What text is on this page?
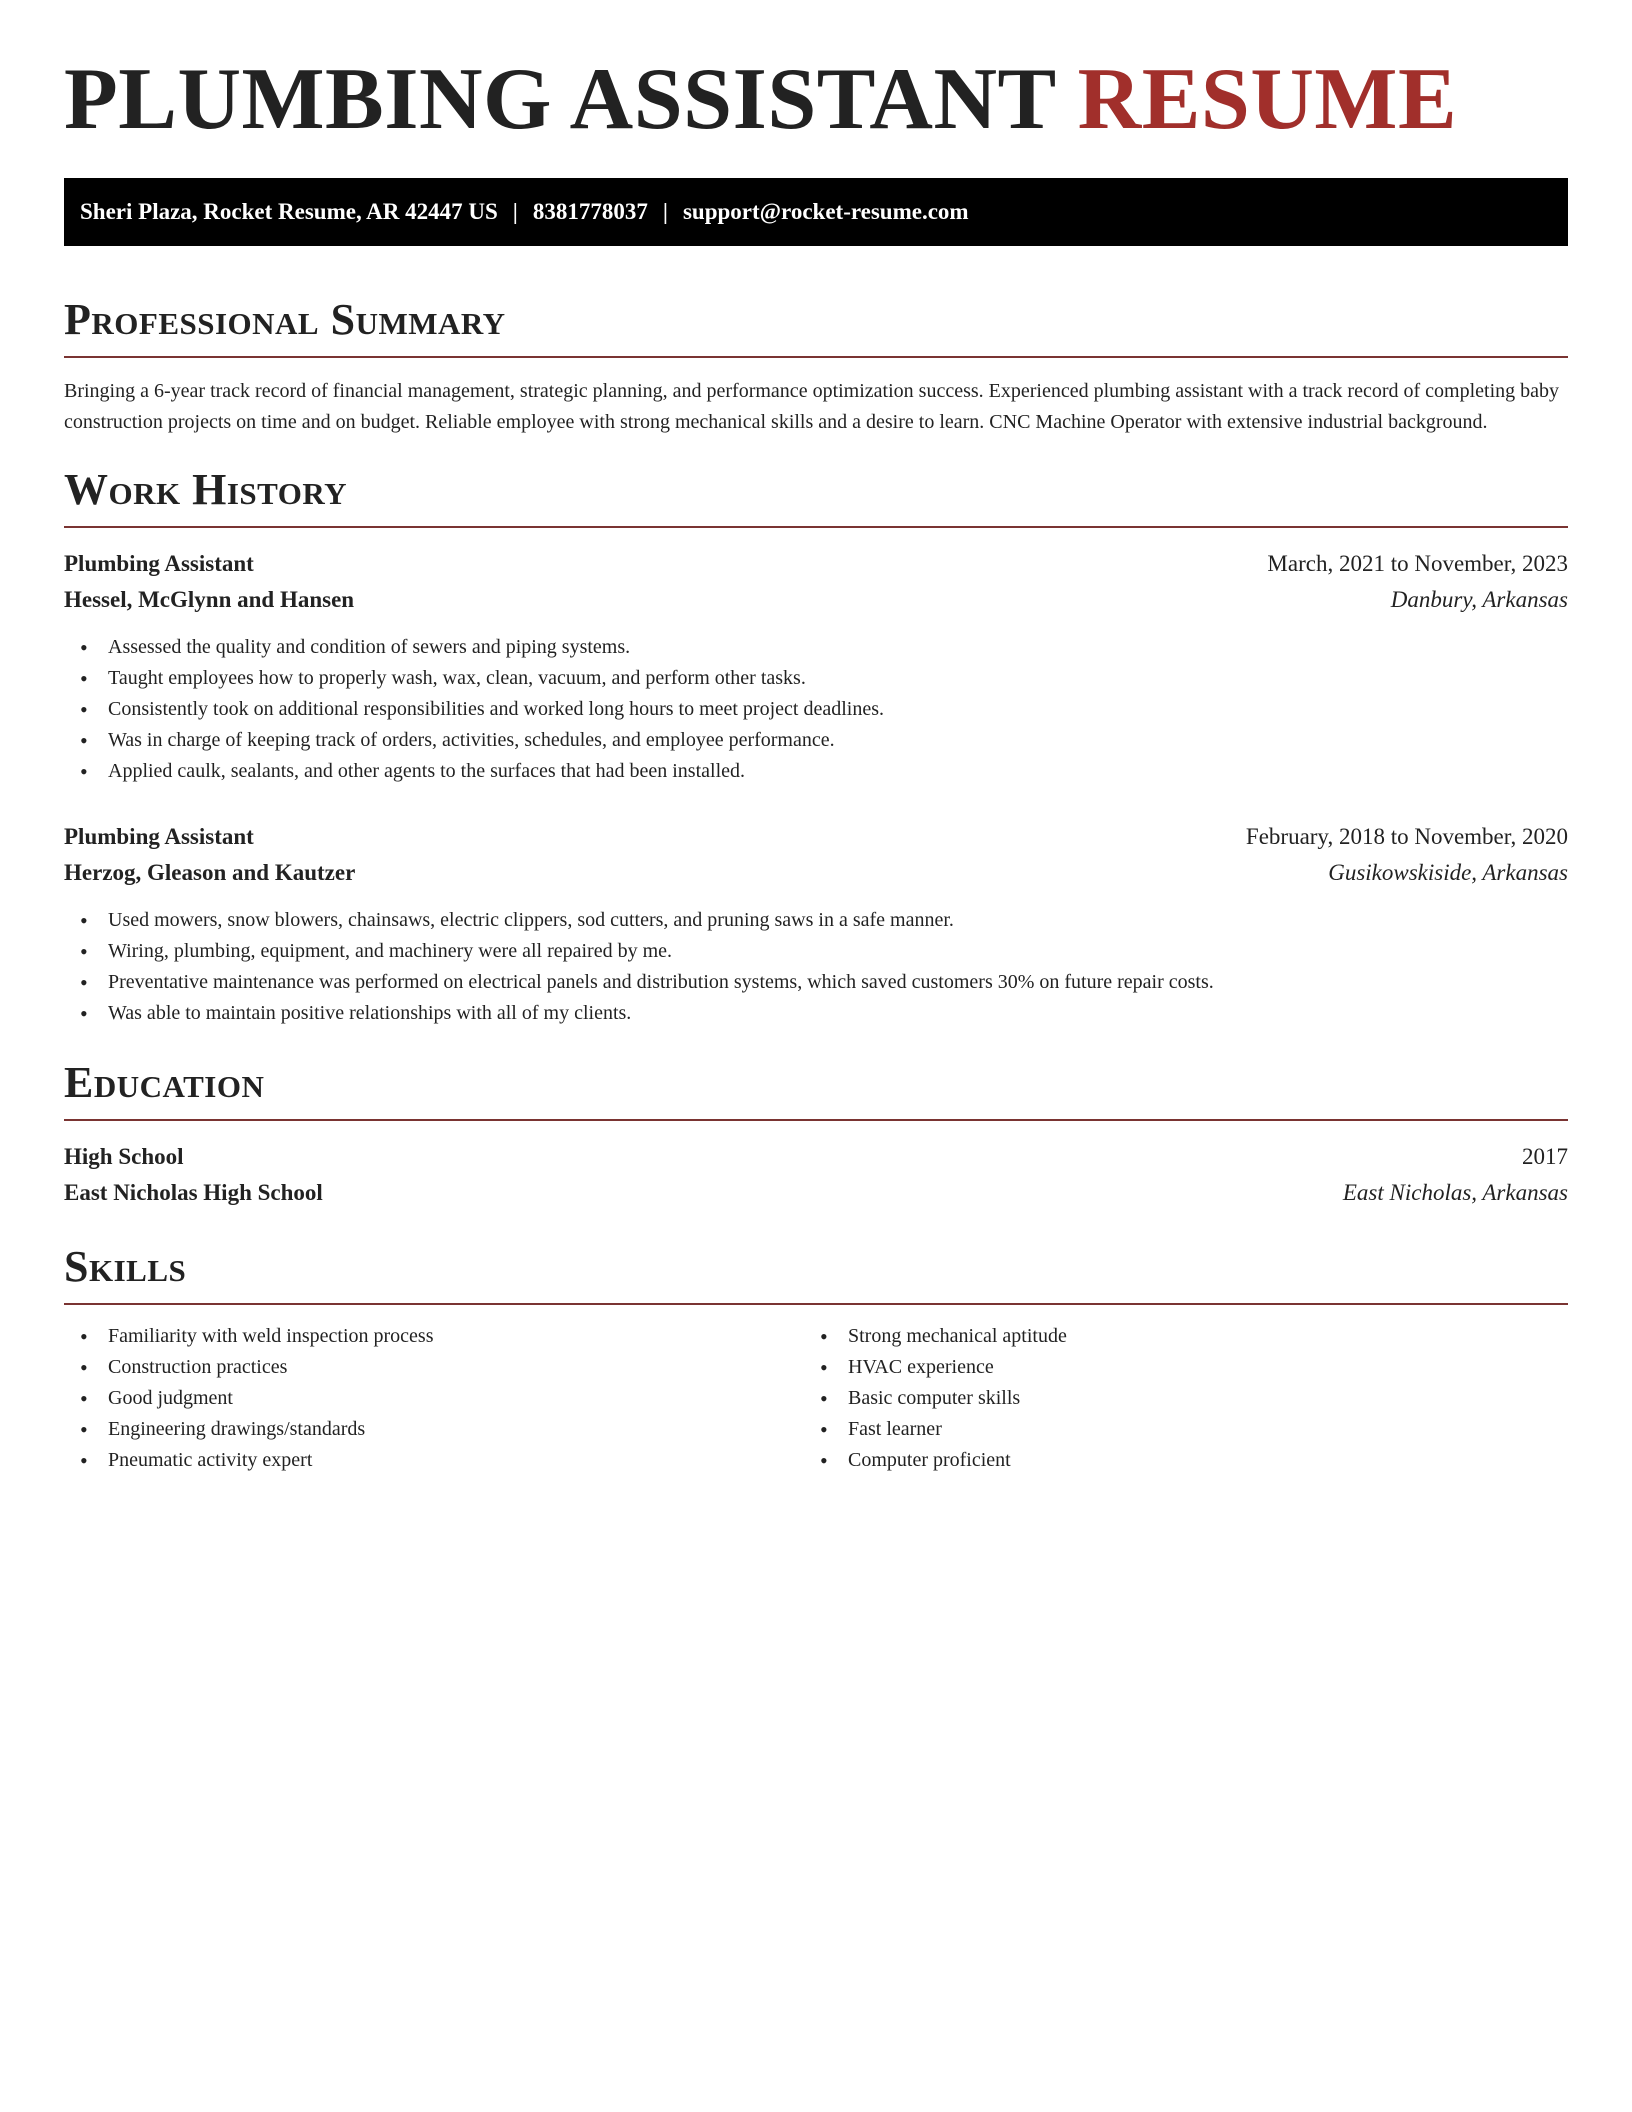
PLUMBING ASSISTANT RESUME
Sheri Plaza, Rocket Resume, AR 42447 US | 8381778037 | support@rocket-resume.com
Professional Summary

Bringing a 6-year track record of financial management, strategic planning, and performance optimization success. Experienced plumbing assistant with a track record of completing baby construction projects on time and on budget. Reliable employee with strong mechanical skills and a desire to learn. CNC Machine Operator with extensive industrial background.

Work History
Plumbing Assistant	March, 2021 to November, 2023
Hessel, McGlynn and Hansen	Danbury, Arkansas
• Assessed the quality and condition of sewers and piping systems.
• Taught employees how to properly wash, wax, clean, vacuum, and perform other tasks.
• Consistently took on additional responsibilities and worked long hours to meet project deadlines.
• Was in charge of keeping track of orders, activities, schedules, and employee performance.
• Applied caulk, sealants, and other agents to the surfaces that had been installed.
Plumbing Assistant	February, 2018 to November, 2020
Herzog, Gleason and Kautzer	Gusikowskiside, Arkansas
• Used mowers, snow blowers, chainsaws, electric clippers, sod cutters, and pruning saws in a safe manner.
• Wiring, plumbing, equipment, and machinery were all repaired by me.
• Preventative maintenance was performed on electrical panels and distribution systems, which saved customers 30% on future repair costs.
• Was able to maintain positive relationships with all of my clients.
Education
High School	2017
East Nicholas High School	East Nicholas, Arkansas
Skills
• Familiarity with weld inspection process
• Construction practices
• Good judgment
• Engineering drawings/standards
• Pneumatic activity expert
• Strong mechanical aptitude
• HVAC experience
• Basic computer skills
• Fast learner
• Computer proficient
